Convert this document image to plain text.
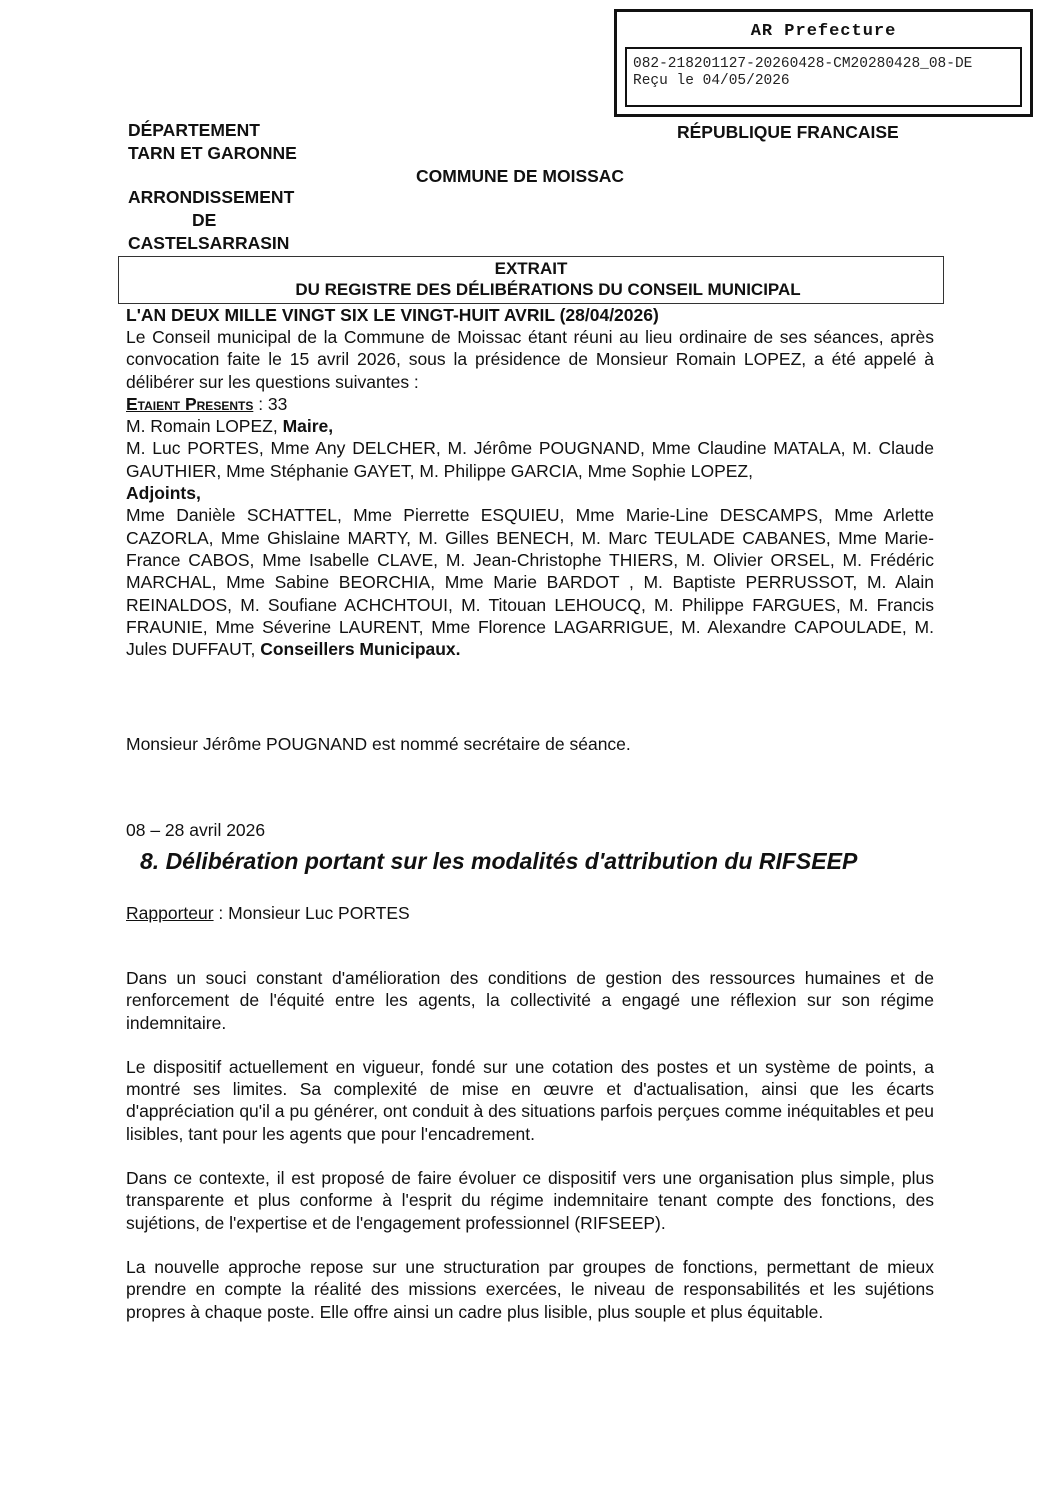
AR Prefecture
082-218201127-20260428-CM20280428_08-DE
Reçu le 04/05/2026
DÉPARTEMENT
TARN ET GARONNE
ARRONDISSEMENT
DE
CASTELSARRASIN
RÉPUBLIQUE FRANCAISE
COMMUNE DE MOISSAC
EXTRAIT
DU REGISTRE DES DÉLIBÉRATIONS DU CONSEIL MUNICIPAL
L'AN DEUX MILLE VINGT SIX LE VINGT-HUIT AVRIL (28/04/2026)

Le Conseil municipal de la Commune de Moissac étant réuni au lieu ordinaire de ses séances, après convocation faite le 15 avril 2026, sous la présidence de Monsieur Romain LOPEZ, a été appelé à délibérer sur les questions suivantes :

Etaient Presents : 33

M. Romain LOPEZ, Maire,

M. Luc PORTES, Mme Any DELCHER, M. Jérôme POUGNAND, Mme Claudine MATALA, M. Claude GAUTHIER, Mme Stéphanie GAYET, M. Philippe GARCIA, Mme Sophie LOPEZ,
Adjoints,

Mme Danièle SCHATTEL, Mme Pierrette ESQUIEU, Mme Marie-Line DESCAMPS, Mme Arlette CAZORLA, Mme Ghislaine MARTY, M. Gilles BENECH, M. Marc TEULADE CABANES, Mme Marie-France CABOS, Mme Isabelle CLAVE, M. Jean-Christophe THIERS, M. Olivier ORSEL, M. Frédéric MARCHAL, Mme Sabine BEORCHIA, Mme Marie BARDOT , M. Baptiste PERRUSSOT, M. Alain REINALDOS, M. Soufiane ACHCHTOUI, M. Titouan LEHOUCQ, M. Philippe FARGUES, M. Francis FRAUNIE, Mme Séverine LAURENT, Mme Florence LAGARRIGUE, M. Alexandre CAPOULADE, M. Jules DUFFAUT, Conseillers Municipaux.

Monsieur Jérôme POUGNAND est nommé secrétaire de séance.
08 – 28 avril 2026
8. Délibération portant sur les modalités d'attribution du RIFSEEP
Rapporteur : Monsieur Luc PORTES

Dans un souci constant d'amélioration des conditions de gestion des ressources humaines et de renforcement de l'équité entre les agents, la collectivité a engagé une réflexion sur son régime indemnitaire.

Le dispositif actuellement en vigueur, fondé sur une cotation des postes et un système de points, a montré ses limites. Sa complexité de mise en œuvre et d'actualisation, ainsi que les écarts d'appréciation qu'il a pu générer, ont conduit à des situations parfois perçues comme inéquitables et peu lisibles, tant pour les agents que pour l'encadrement.

Dans ce contexte, il est proposé de faire évoluer ce dispositif vers une organisation plus simple, plus transparente et plus conforme à l'esprit du régime indemnitaire tenant compte des fonctions, des sujétions, de l'expertise et de l'engagement professionnel (RIFSEEP).

La nouvelle approche repose sur une structuration par groupes de fonctions, permettant de mieux prendre en compte la réalité des missions exercées, le niveau de responsabilités et les sujétions propres à chaque poste. Elle offre ainsi un cadre plus lisible, plus souple et plus équitable.
